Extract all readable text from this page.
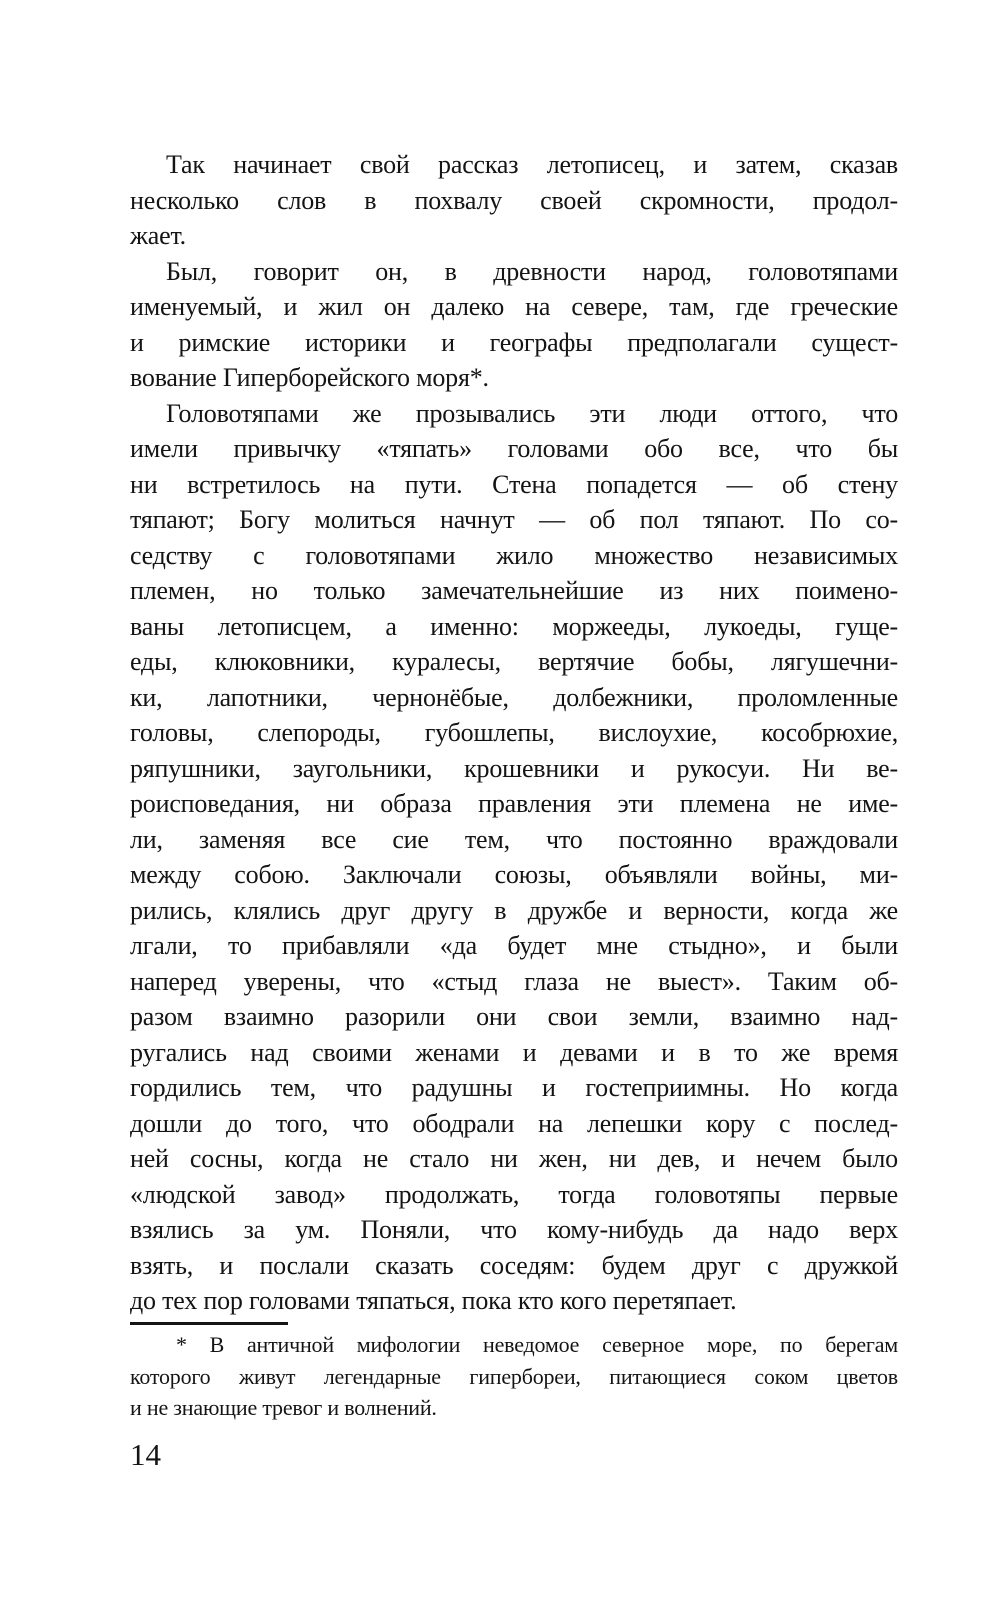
Так начинает свой рассказ летописец, и затем, сказав
несколько слов в похвалу своей скромности, продол-
жает.

Был, говорит он, в древности народ, головотяпами
именуемый, и жил он далеко на севере, там, где греческие
и римские историки и географы предполагали сущест-
вование Гиперборейского моря*.

Головотяпами же прозывались эти люди оттого, что
имели привычку «тяпать» головами обо все, что бы
ни встретилось на пути. Стена попадется — об стену
тяпают; Богу молиться начнут — об пол тяпают. По со-
седству с головотяпами жило множество независимых
племен, но только замечательнейшие из них поимено-
ваны летописцем, а именно: моржееды, лукоеды, гуще-
еды, клюковники, куралесы, вертячие бобы, лягушечни-
ки, лапотники, чернонёбые, долбежники, проломленные
головы, слепороды, губошлепы, вислоухие, кособрюхие,
ряпушники, заугольники, крошевники и рукосуи. Ни ве-
роисповедания, ни образа правления эти племена не име-
ли, заменяя все сие тем, что постоянно враждовали
между собою. Заключали союзы, объявляли войны, ми-
рились, клялись друг другу в дружбе и верности, когда же
лгали, то прибавляли «да будет мне стыдно», и были
наперед уверены, что «стыд глаза не выест». Таким об-
разом взаимно разорили они свои земли, взаимно над-
ругались над своими женами и девами и в то же время
гордились тем, что радушны и гостеприимны. Но когда
дошли до того, что ободрали на лепешки кору с послед-
ней сосны, когда не стало ни жен, ни дев, и нечем было
«людской завод» продолжать, тогда головотяпы первые
взялись за ум. Поняли, что кому-нибудь да надо верх
взять, и послали сказать соседям: будем друг с дружкой
до тех пор головами тяпаться, пока кто кого перетяпает.

* В античной мифологии неведомое северное море, по берегам
которого живут легендарные гипербореи, питающиеся соком цветов
и не знающие тревог и волнений.
14
